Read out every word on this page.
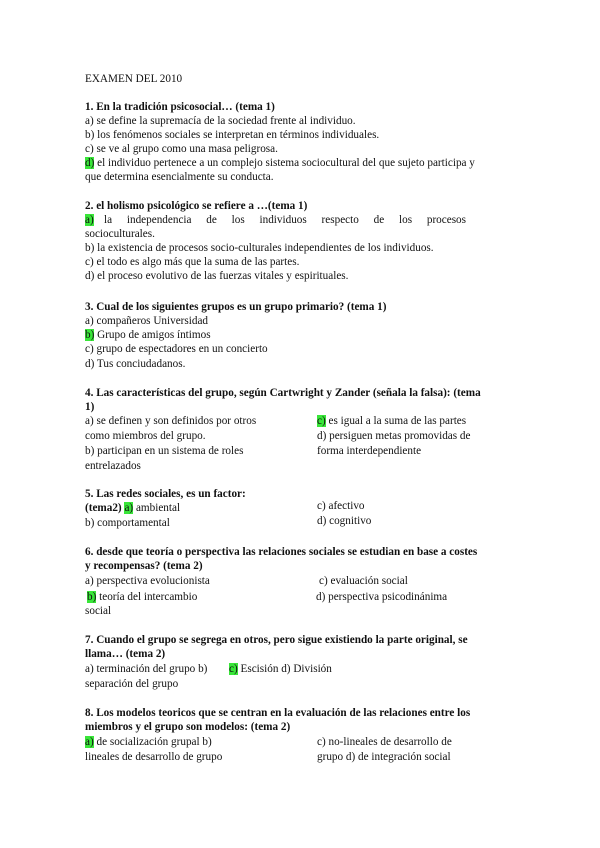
EXAMEN DEL 2010
1. En la tradición psicosocial… (tema 1)
a) se define la supremacía de la sociedad frente al individuo.
b) los fenómenos sociales se interpretan en términos individuales.
c) se ve al grupo como una masa peligrosa.
d) el individuo pertenece a un complejo sistema sociocultural del que sujeto participa y
que determina esencialmente su conducta.
2. el holismo psicológico se refiere a …(tema 1)
a) la independencia de los individuos respecto de los procesos
socioculturales.
b) la existencia de procesos socio-culturales independientes de los individuos.
c) el todo es algo más que la suma de las partes.
d) el proceso evolutivo de las fuerzas vitales y espirituales.
3. Cual de los siguientes grupos es un grupo primario? (tema 1)
a) compañeros Universidad
b) Grupo de amigos íntimos
c) grupo de espectadores en un concierto
d) Tus conciudadanos.
4. Las características del grupo, según Cartwright y Zander (señala la falsa): (tema
1)
a) se definen y son definidos por otros
como miembros del grupo.
b) participan en un sistema de roles
entrelazados
c) es igual a la suma de las partes
d) persiguen metas promovidas de
forma interdependiente
5. Las redes sociales, es un factor:
(tema2) a) ambiental
b) comportamental
c) afectivo
d) cognitivo
6. desde que teoría o perspectiva las relaciones sociales se estudian en base a costes
y recompensas? (tema 2)
a) perspectiva evolucionista
b) teoría del intercambio
social
c) evaluación social
d) perspectiva psicodinánima
7. Cuando el grupo se segrega en otros, pero sigue existiendo la parte original, se
llama… (tema 2)
a) terminación del grupo b)
separación del grupo
c) Escisión d) División
8. Los modelos teoricos que se centran en la evaluación de las relaciones entre los
miembros y el grupo son modelos: (tema 2)
a) de socialización grupal b)
lineales de desarrollo de grupo
c) no-lineales de desarrollo de
grupo d) de integración social
